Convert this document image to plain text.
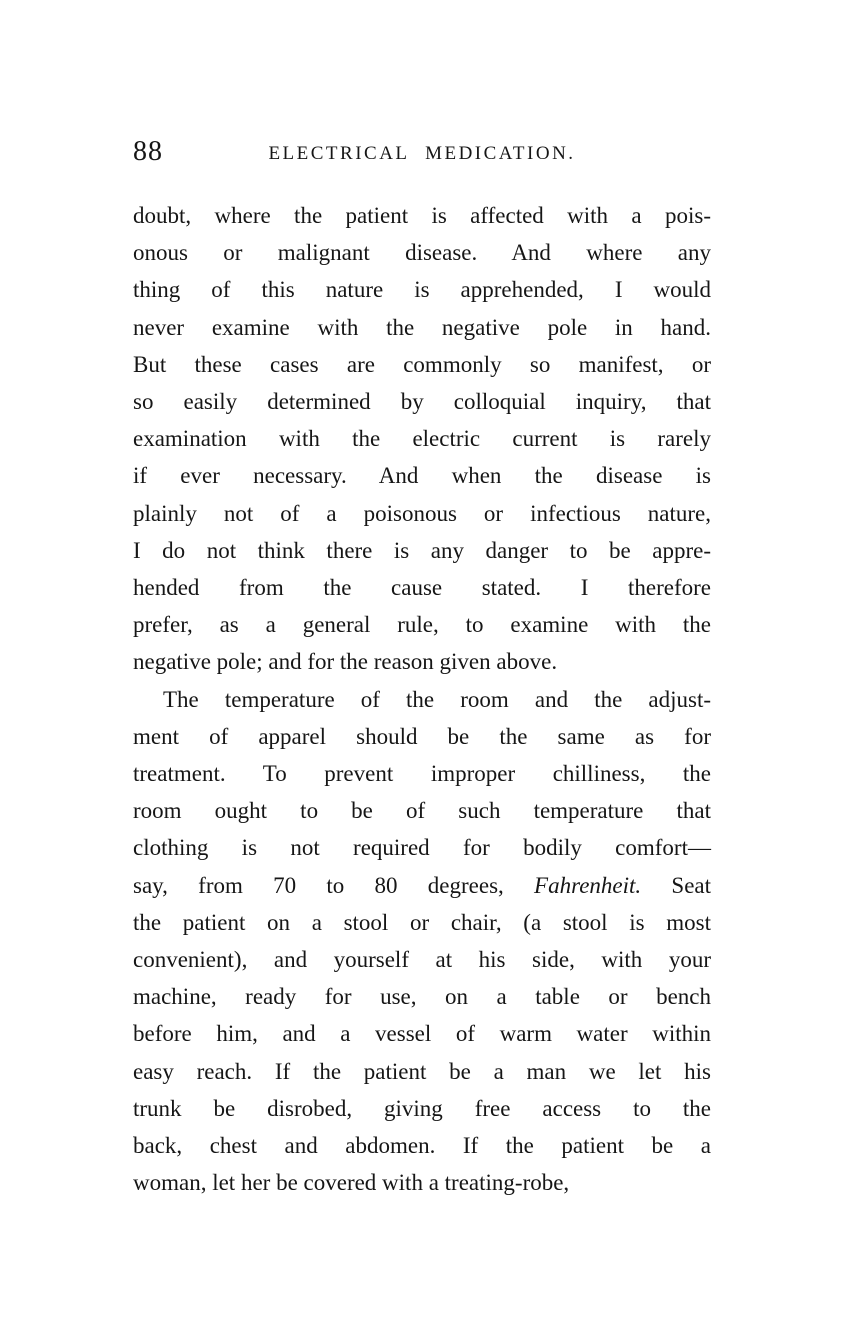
88	ELECTRICAL MEDICATION.
doubt, where the patient is affected with a pois-
onous or malignant disease. And where any
thing of this nature is apprehended, I would
never examine with the negative pole in hand.
But these cases are commonly so manifest, or
so easily determined by colloquial inquiry, that
examination with the electric current is rarely
if ever necessary. And when the disease is
plainly not of a poisonous or infectious nature,
I do not think there is any danger to be appre-
hended from the cause stated. I therefore
prefer, as a general rule, to examine with the
negative pole; and for the reason given above.
The temperature of the room and the adjust-
ment of apparel should be the same as for
treatment. To prevent improper chilliness, the
room ought to be of such temperature that
clothing is not required for bodily comfort—
say, from 70 to 80 degrees, Fahrenheit. Seat
the patient on a stool or chair, (a stool is most
convenient), and yourself at his side, with your
machine, ready for use, on a table or bench
before him, and a vessel of warm water within
easy reach. If the patient be a man we let his
trunk be disrobed, giving free access to the
back, chest and abdomen. If the patient be a
woman, let her be covered with a treating-robe,
